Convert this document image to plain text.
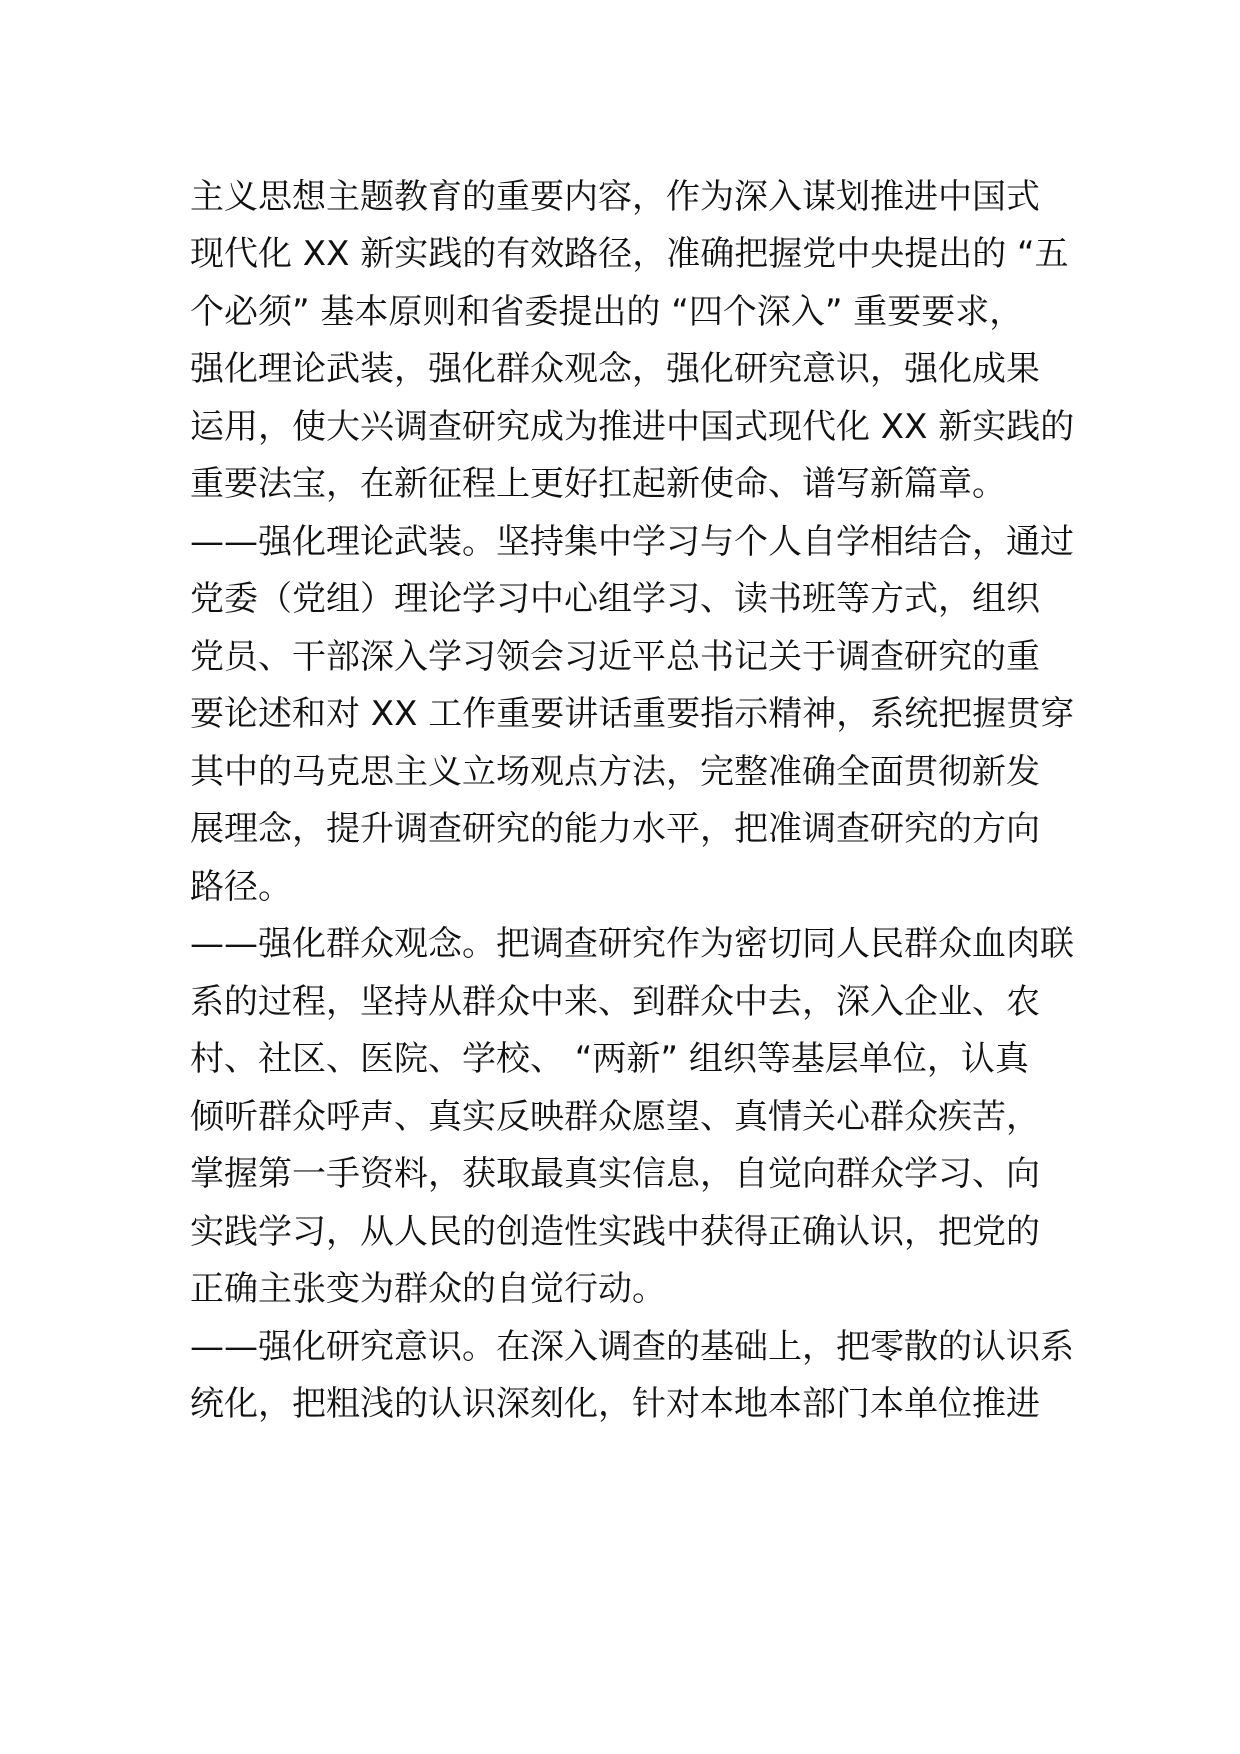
主义思想主题教育的重要内容，作为深入谋划推进中国式

现代化 XX 新实践的有效路径，准确把握党中央提出的 “五

个必须” 基本原则和省委提出的 “四个深入” 重要要求，

强化理论武装，强化群众观念，强化研究意识，强化成果

运用，使大兴调查研究成为推进中国式现代化 XX 新实践的

重要法宝，在新征程上更好扛起新使命、谱写新篇章。

——强化理论武装。坚持集中学习与个人自学相结合，通过

党委（党组）理论学习中心组学习、读书班等方式，组织

党员、干部深入学习领会习近平总书记关于调查研究的重

要论述和对 XX 工作重要讲话重要指示精神，系统把握贯穿

其中的马克思主义立场观点方法，完整准确全面贯彻新发

展理念，提升调查研究的能力水平，把准调查研究的方向

路径。

——强化群众观念。把调查研究作为密切同人民群众血肉联

系的过程，坚持从群众中来、到群众中去，深入企业、农

村、社区、医院、学校、 “两新” 组织等基层单位，认真

倾听群众呼声、真实反映群众愿望、真情关心群众疾苦，

掌握第一手资料，获取最真实信息，自觉向群众学习、向

实践学习，从人民的创造性实践中获得正确认识，把党的

正确主张变为群众的自觉行动。

——强化研究意识。在深入调查的基础上，把零散的认识系

统化，把粗浅的认识深刻化，针对本地本部门本单位推进
